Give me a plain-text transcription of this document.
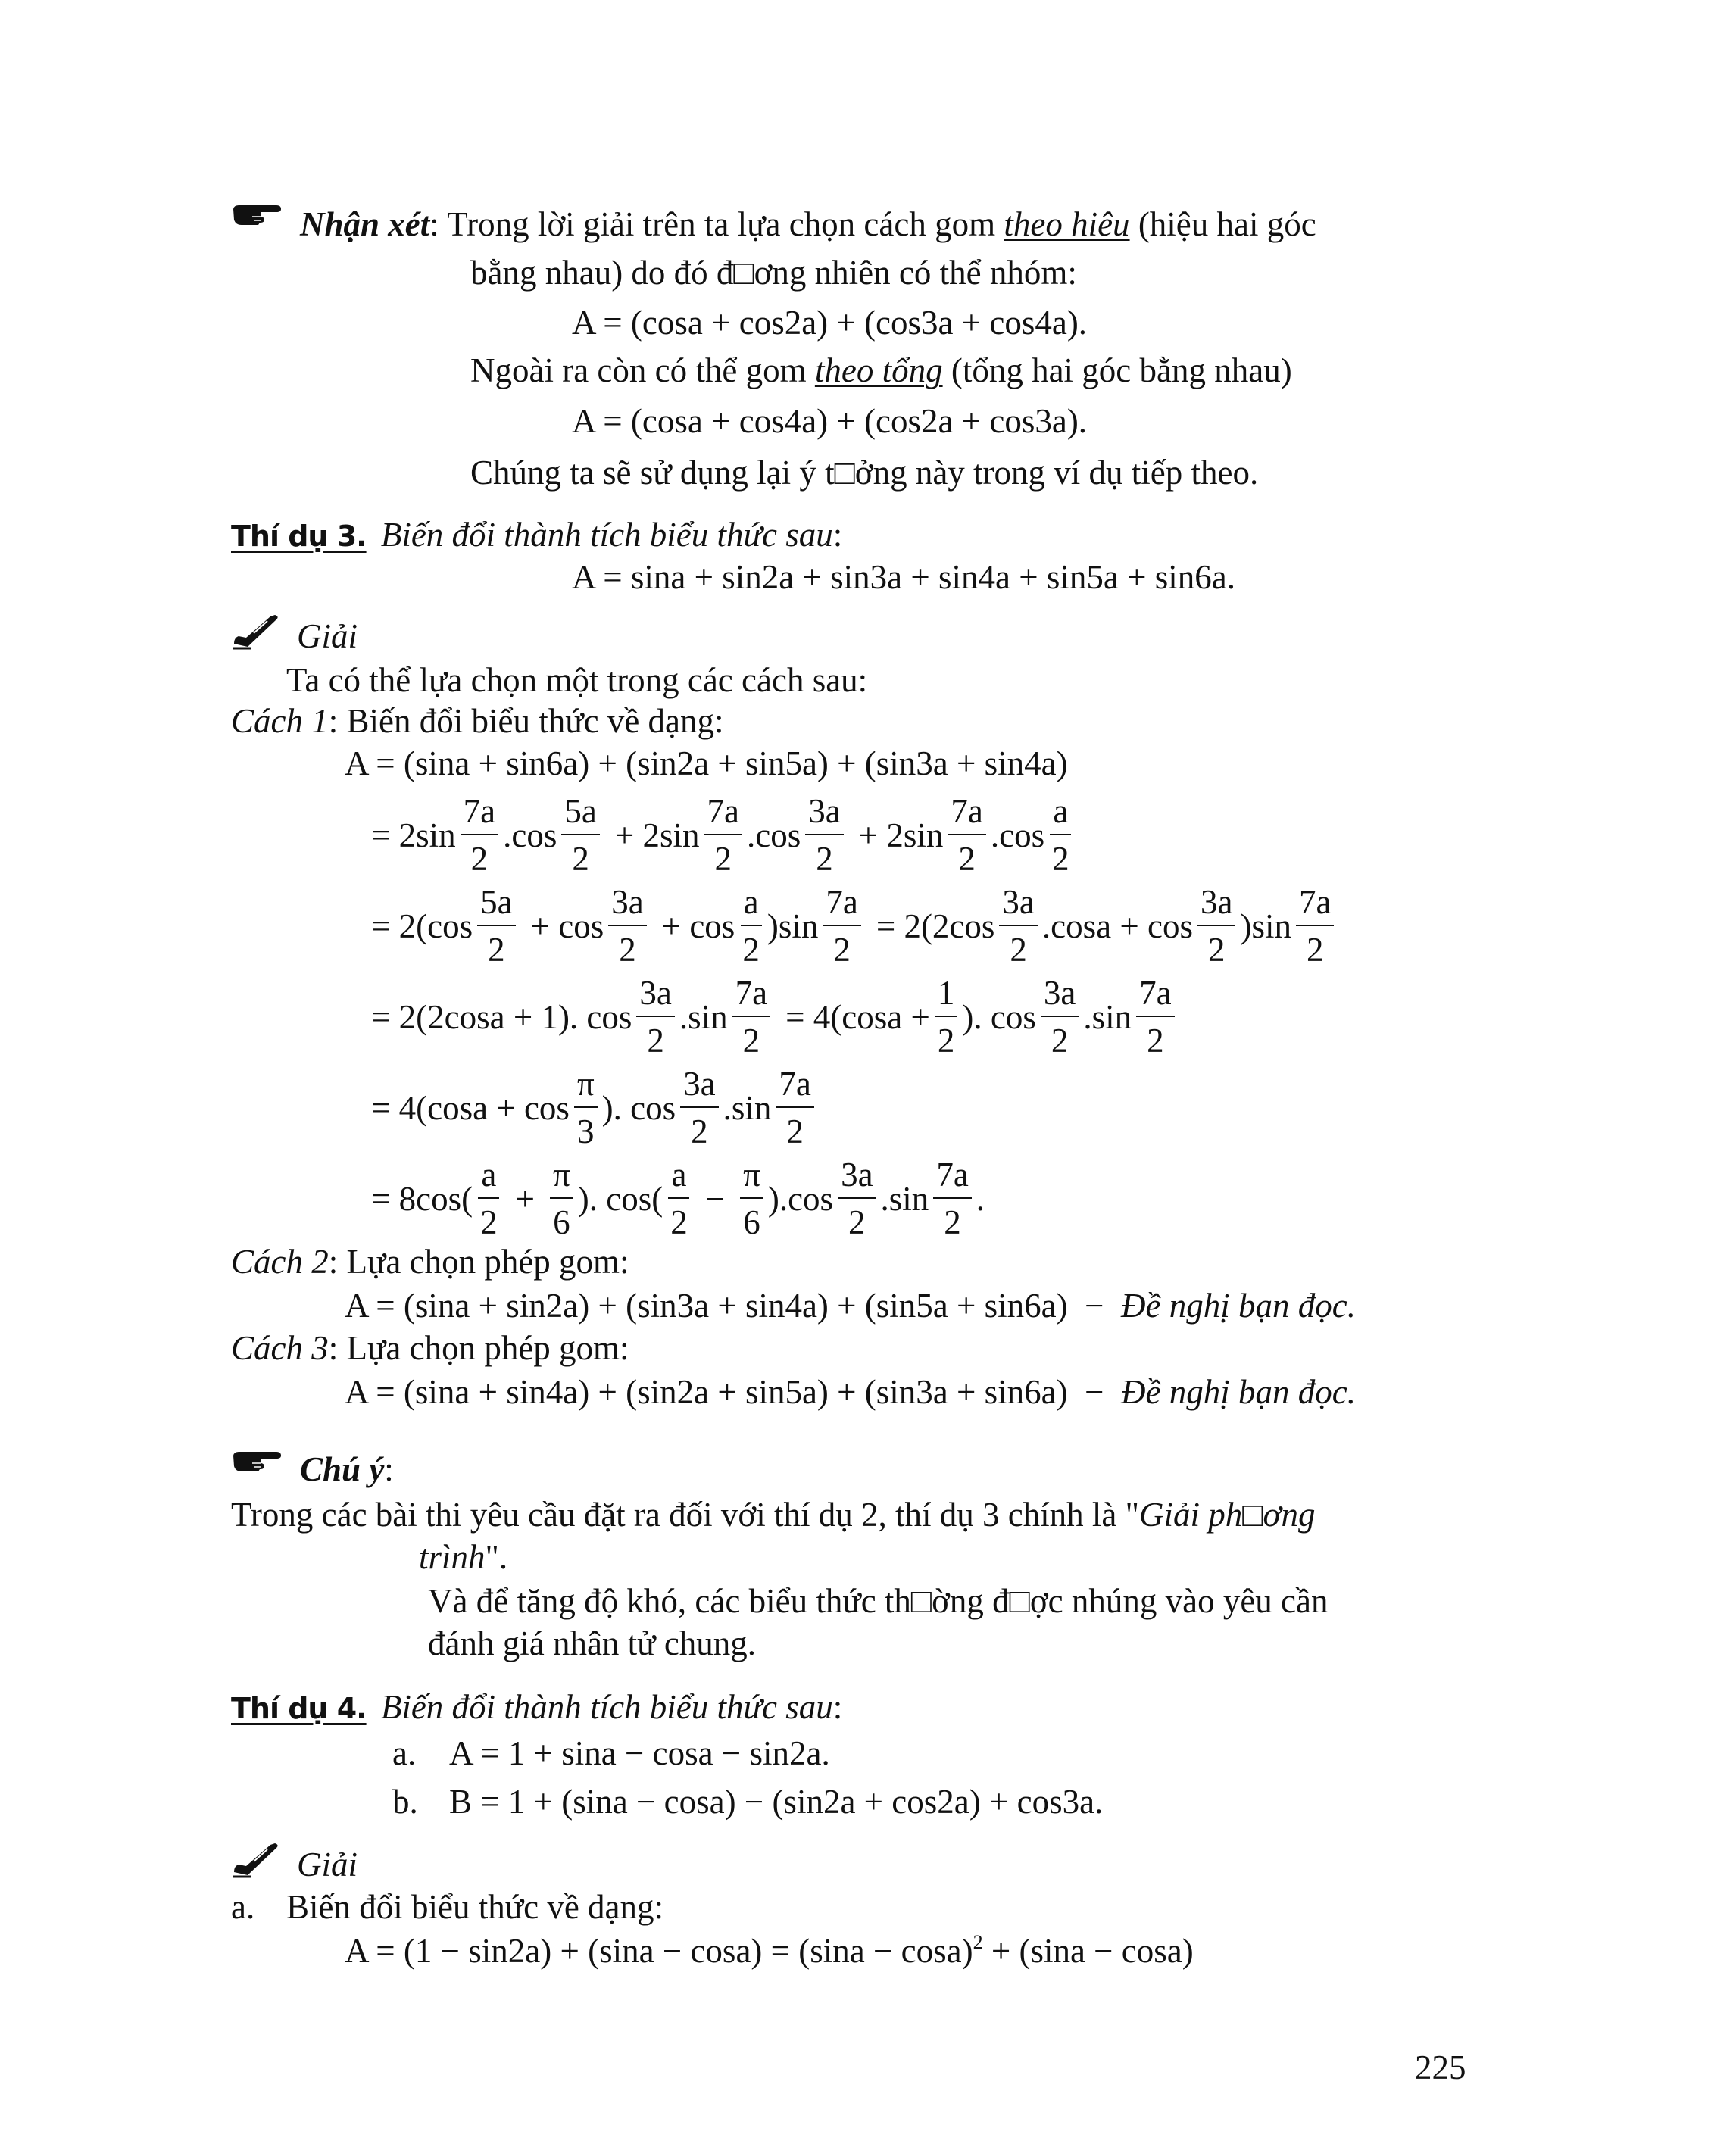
Nhận xét: Trong lời giải trên ta lựa chọn cách gom theo hiêu (hiệu hai góc
bằng nhau) do đó đ□ơng nhiên có thể nhóm:
A = (cosa + cos2a) + (cos3a + cos4a).
Ngoài ra còn có thể gom theo tổng (tổng hai góc bằng nhau)
A = (cosa + cos4a) + (cos2a + cos3a).
Chúng ta sẽ sử dụng lại ý t□ởng này trong ví dụ tiếp theo.
Thí dụ 3. Biến đổi thành tích biểu thức sau:
A = sina + sin2a + sin3a + sin4a + sin5a + sin6a.
Giải
Ta có thể lựa chọn một trong các cách sau:
Cách 1: Biến đổi biểu thức về dạng:
A = (sina + sin6a) + (sin2a + sin5a) + (sin3a + sin4a)
= $2\sin \frac{7a}{2} .\cos \frac{5a}{2} + 2\sin \frac{7a}{2} .\cos \frac{3a}{2} + 2\sin \frac{7a}{2} .\cos \frac{a}{2}$
= $2(\cos \frac{5a}{2} + \cos \frac{3a}{2} + \cos \frac{a}{2} )\sin \frac{7a}{2} = 2(2\cos \frac{3a}{2} .\cos a + \cos \frac{3a}{2} )\sin \frac{7a}{2}$
= 2(2cosa + 1). $\cos \frac{3a}{2} .\sin \frac{7a}{2} = 4(\cos a + \frac{1}{2}$ ). $\cos \frac{3a}{2} .\sin \frac{7a}{2}$
= $4(\cos a + \cos \frac{\pi}{3}$ ). $\cos \frac{3a}{2} .\sin \frac{7a}{2}$
= $8\cos( \frac{a}{2} + \frac{\pi}{6}$ ). $\cos( \frac{a}{2} - \frac{\pi}{6} ).\cos \frac{3a}{2} .\sin \frac{7a}{2}$ .
Cách 2: Lựa chọn phép gom:
A = (sina + sin2a) + (sin3a + sin4a) + (sin5a + sin6a)  −  Đề nghị bạn đọc.
Cách 3: Lựa chọn phép gom:
A = (sina + sin4a) + (sin2a + sin5a) + (sin3a + sin6a)  −  Đề nghị bạn đọc.
Chú ý:
Trong các bài thi yêu cầu đặt ra đối với thí dụ 2, thí dụ 3 chính là "Giải ph□ơng
trình".
Và để tăng độ khó, các biểu thức th□ờng đ□ợc nhúng vào yêu cần
đánh giá nhân tử chung.
Thí dụ 4. Biến đổi thành tích biểu thức sau:
a. A = 1 + sina − cosa − sin2a.
b. B = 1 + (sina − cosa) − (sin2a + cos2a) + cos3a.
Giải
a. Biến đổi biểu thức về dạng:
$A = (1 - \sin 2a) + (\sin a - \cos a) = (\sin a - \cos a)^2 + (\sin a - \cos a)$
225
